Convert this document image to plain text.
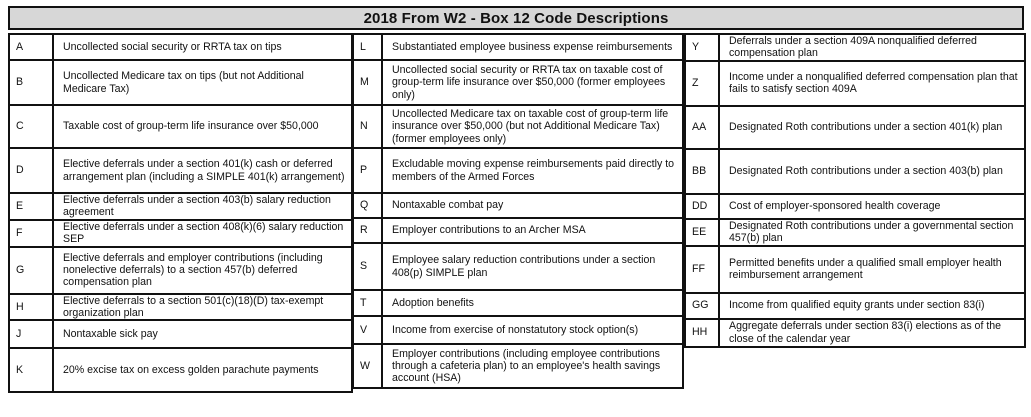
2018 From W2 - Box 12 Code Descriptions
A	Uncollected social security or RRTA tax on tips

B	Uncollected Medicare tax on tips (but not Additional Medicare Tax)

C	Taxable cost of group-term life insurance over $50,000

D	Elective deferrals under a section 401(k) cash or deferred arrangement plan (including a SIMPLE 401(k) arrangement)

E	Elective deferrals under a section 403(b) salary reduction agreement

F	Elective deferrals under a section 408(k)(6) salary reduction SEP

G	Elective deferrals and employer contributions (including nonelective deferrals) to a section 457(b) deferred compensation plan

H	Elective deferrals to a section 501(c)(18)(D) tax-exempt organization plan

J	Nontaxable sick pay

K	20% excise tax on excess golden parachute payments
L	Substantiated employee business expense reimbursements

M	Uncollected social security or RRTA tax on taxable cost of group-term life insurance over $50,000 (former employees only)

N	Uncollected Medicare tax on taxable cost of group-term life insurance over $50,000 (but not Additional Medicare Tax) (former employees only)

P	Excludable moving expense reimbursements paid directly to members of the Armed Forces

Q	Nontaxable combat pay

R	Employer contributions to an Archer MSA

S	Employee salary reduction contributions under a section 408(p) SIMPLE plan

T	Adoption benefits

V	Income from exercise of nonstatutory stock option(s)

W	Employer contributions (including employee contributions through a cafeteria plan) to an employee's health savings account (HSA)
Y	Deferrals under a section 409A nonqualified deferred compensation plan

Z	Income under a nonqualified deferred compensation plan that fails to satisfy section 409A

AA	Designated Roth contributions under a section 401(k) plan

BB	Designated Roth contributions under a section 403(b) plan

DD	Cost of employer-sponsored health coverage

EE	Designated Roth contributions under a governmental section 457(b) plan

FF	Permitted benefits under a qualified small employer health reimbursement arrangement

GG	Income from qualified equity grants under section 83(i)

HH	Aggregate deferrals under section 83(i) elections as of the close of the calendar year
